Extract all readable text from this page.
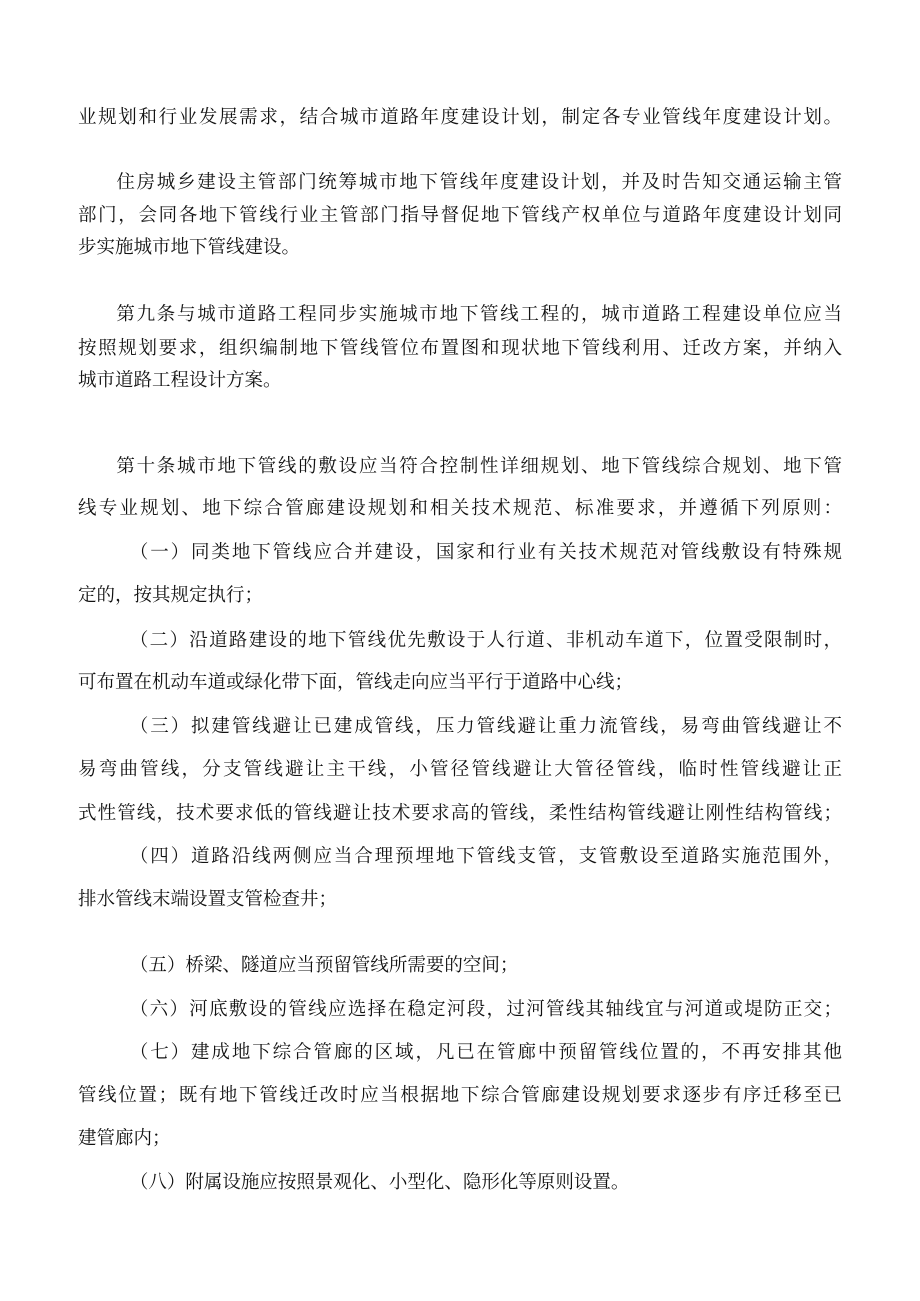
业规划和行业发展需求，结合城市道路年度建设计划，制定各专业管线年度建设计划。
住房城乡建设主管部门统筹城市地下管线年度建设计划，并及时告知交通运输主管
部门，会同各地下管线行业主管部门指导督促地下管线产权单位与道路年度建设计划同
步实施城市地下管线建设。
第九条与城市道路工程同步实施城市地下管线工程的，城市道路工程建设单位应当
按照规划要求，组织编制地下管线管位布置图和现状地下管线利用、迁改方案，并纳入
城市道路工程设计方案。
第十条城市地下管线的敷设应当符合控制性详细规划、地下管线综合规划、地下管
线专业规划、地下综合管廊建设规划和相关技术规范、标准要求，并遵循下列原则：
（一）同类地下管线应合并建设，国家和行业有关技术规范对管线敷设有特殊规
定的，按其规定执行；
（二）沿道路建设的地下管线优先敷设于人行道、非机动车道下，位置受限制时，
可布置在机动车道或绿化带下面，管线走向应当平行于道路中心线；
（三）拟建管线避让已建成管线，压力管线避让重力流管线，易弯曲管线避让不
易弯曲管线，分支管线避让主干线，小管径管线避让大管径管线，临时性管线避让正
式性管线，技术要求低的管线避让技术要求高的管线，柔性结构管线避让刚性结构管线；
（四）道路沿线两侧应当合理预埋地下管线支管，支管敷设至道路实施范围外，
排水管线末端设置支管检查井；
（五）桥梁、隧道应当预留管线所需要的空间；
（六）河底敷设的管线应选择在稳定河段，过河管线其轴线宜与河道或堤防正交；
（七）建成地下综合管廊的区域，凡已在管廊中预留管线位置的，不再安排其他
管线位置；既有地下管线迁改时应当根据地下综合管廊建设规划要求逐步有序迁移至已
建管廊内；
（八）附属设施应按照景观化、小型化、隐形化等原则设置。
